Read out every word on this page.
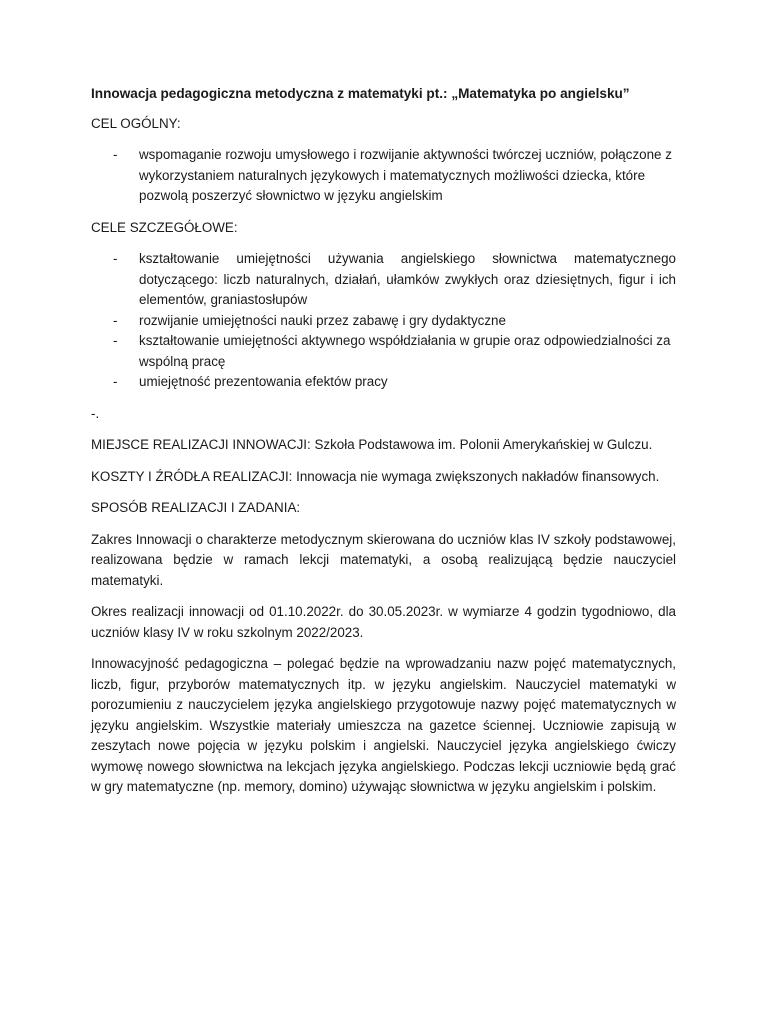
Innowacja pedagogiczna metodyczna z matematyki pt.: „Matematyka po angielsku”

CEL OGÓLNY:

- wspomaganie rozwoju umysłowego i rozwijanie aktywności twórczej uczniów, połączone z wykorzystaniem naturalnych językowych i matematycznych możliwości dziecka, które pozwolą poszerzyć słownictwo w języku angielskim

CELE SZCZEGÓŁOWE:

- kształtowanie umiejętności używania angielskiego słownictwa matematycznego dotyczącego: liczb naturalnych, działań, ułamków zwykłych oraz dziesiętnych, figur i ich elementów, graniastosłupów
- rozwijanie umiejętności nauki przez zabawę i gry dydaktyczne
- kształtowanie umiejętności aktywnego współdziałania w grupie oraz odpowiedzialności za wspólną pracę
- umiejętność prezentowania efektów pracy

-.

MIEJSCE REALIZACJI INNOWACJI: Szkoła Podstawowa im. Polonii Amerykańskiej w Gulczu.

KOSZTY I ŹRÓDŁA REALIZACJI: Innowacja nie wymaga zwiększonych nakładów finansowych.

SPOSÓB REALIZACJI I ZADANIA:

Zakres Innowacji o charakterze metodycznym skierowana do uczniów klas IV szkoły podstawowej, realizowana będzie w ramach lekcji matematyki, a osobą realizującą będzie nauczyciel matematyki.

Okres realizacji innowacji od 01.10.2022r. do 30.05.2023r. w wymiarze 4 godzin tygodniowo, dla uczniów klasy IV w roku szkolnym 2022/2023.

Innowacyjność pedagogiczna – polegać będzie na wprowadzaniu nazw pojęć matematycznych, liczb, figur, przyborów matematycznych itp. w języku angielskim. Nauczyciel matematyki w porozumieniu z nauczycielem języka angielskiego przygotowuje nazwy pojęć matematycznych w języku angielskim. Wszystkie materiały umieszcza na gazetce ściennej. Uczniowie zapisują w zeszytach nowe pojęcia w języku polskim i angielski. Nauczyciel języka angielskiego ćwiczy wymowę nowego słownictwa na lekcjach języka angielskiego. Podczas lekcji uczniowie będą grać w gry matematyczne (np. memory, domino) używając słownictwa w języku angielskim i polskim.
